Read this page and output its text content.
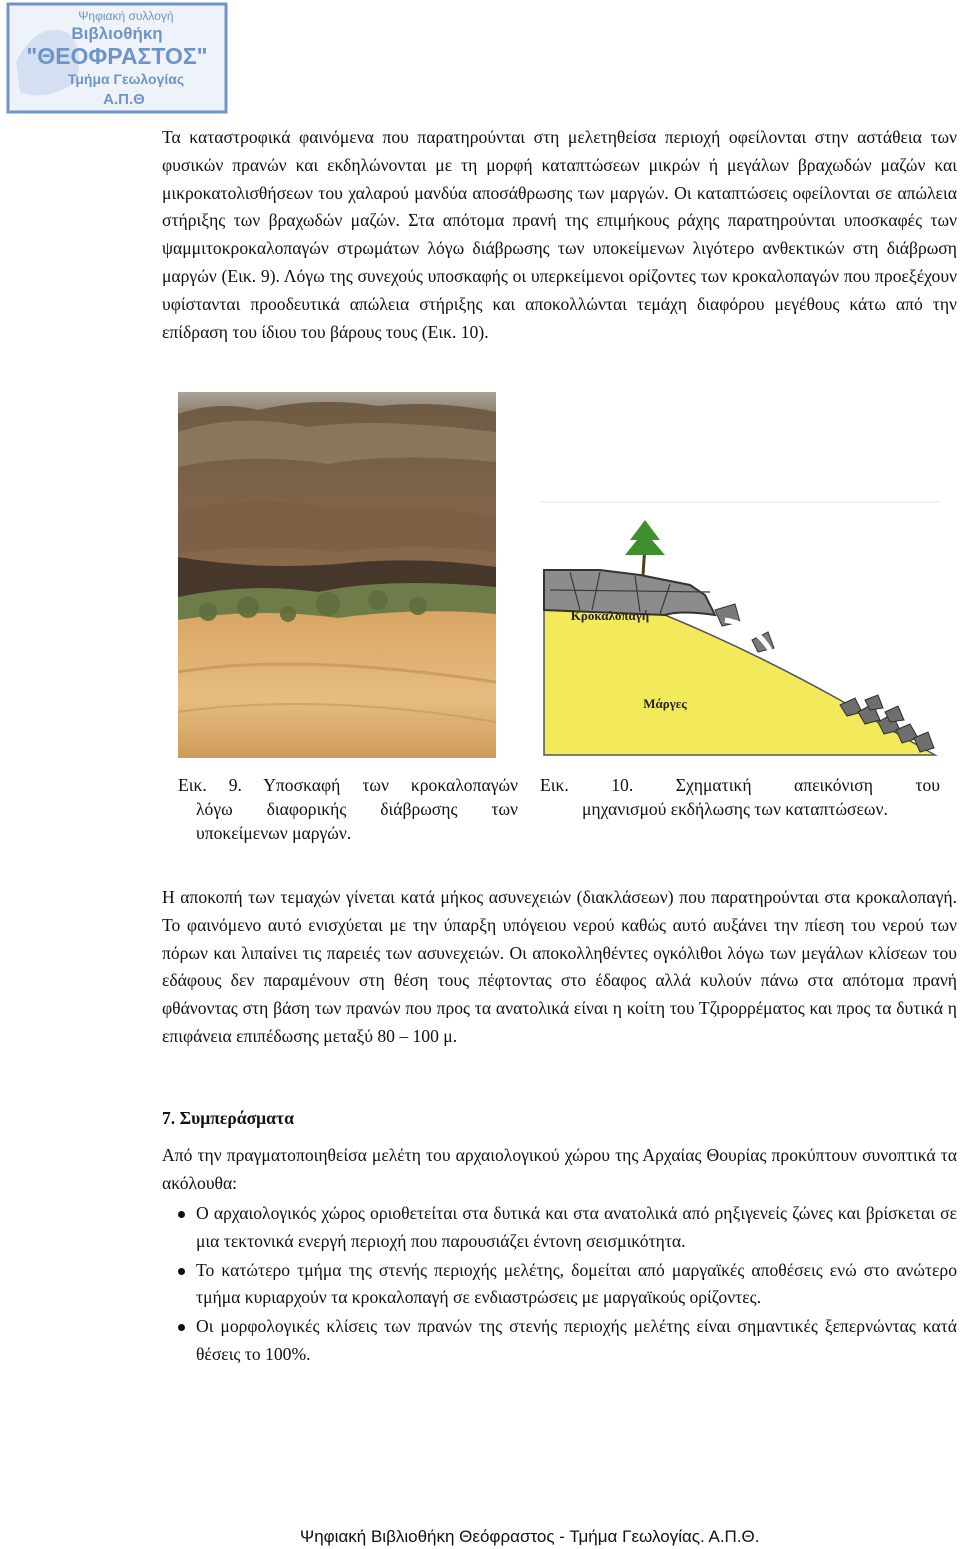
Ψηφιακή συλλογή
Βιβλιοθήκη
"ΘΕΟΦΡΑΣΤΟΣ"
Τμήμα Γεωλογίας
Α.Π.Θ

Τα καταστροφικά φαινόμενα που παρατηρούνται στη μελετηθείσα περιοχή οφείλονται στην αστάθεια των φυσικών πρανών και εκδηλώνονται με τη μορφή καταπτώσεων μικρών ή μεγάλων βραχωδών μαζών και μικροκατολισθήσεων του χαλαρού μανδύα αποσάθρωσης των μαργών. Οι καταπτώσεις οφείλονται σε απώλεια στήριξης των βραχωδών μαζών. Στα απότομα πρανή της επιμήκους ράχης παρατηρούνται υποσκαφές των ψαμμιτοκροκαλοπαγών στρωμάτων λόγω διάβρωσης των υποκείμενων λιγότερο ανθεκτικών στη διάβρωση μαργών (Εικ. 9). Λόγω της συνεχούς υποσκαφής οι υπερκείμενοι ορίζοντες των κροκαλοπαγών που προεξέχουν υφίστανται προοδευτικά απώλεια στήριξης και αποκολλώνται τεμάχη διαφόρου μεγέθους κάτω από την επίδραση του ίδιου του βάρους τους (Εικ. 10).

Κροκαλοπαγή
Μάργες
Εικ. 9. Υποσκαφή των κροκαλοπαγών
λόγω διαφορικής διάβρωσης των υποκείμενων μαργών.
Εικ. 10. Σχηματική απεικόνιση του
μηχανισμού εκδήλωσης των καταπτώσεων.

Η αποκοπή των τεμαχών γίνεται κατά μήκος ασυνεχειών (διακλάσεων) που παρατηρούνται στα κροκαλοπαγή. Το φαινόμενο αυτό ενισχύεται με την ύπαρξη υπόγειου νερού καθώς αυτό αυξάνει την πίεση του νερού των πόρων και λιπαίνει τις παρειές των ασυνεχειών. Οι αποκολληθέντες ογκόλιθοι λόγω των μεγάλων κλίσεων του εδάφους δεν παραμένουν στη θέση τους πέφτοντας στο έδαφος αλλά κυλούν πάνω στα απότομα πρανή φθάνοντας στη βάση των πρανών που προς τα ανατολικά είναι η κοίτη του Τζιρορρέματος και προς τα δυτικά η επιφάνεια επιπέδωσης μεταξύ 80 – 100 μ.

7. Συμπεράσματα

Από την πραγματοποιηθείσα μελέτη του αρχαιολογικού χώρου της Αρχαίας Θουρίας προκύπτουν συνοπτικά τα ακόλουθα:

Ο αρχαιολογικός χώρος οριοθετείται στα δυτικά και στα ανατολικά από ρηξιγενείς ζώνες και βρίσκεται σε μια τεκτονικά ενεργή περιοχή που παρουσιάζει έντονη σεισμικότητα.
Το κατώτερο τμήμα της στενής περιοχής μελέτης, δομείται από μαργαϊκές αποθέσεις ενώ στο ανώτερο τμήμα κυριαρχούν τα κροκαλοπαγή σε ενδιαστρώσεις με μαργαϊκούς ορίζοντες.
Οι μορφολογικές κλίσεις των πρανών της στενής περιοχής μελέτης είναι σημαντικές ξεπερνώντας κατά θέσεις το 100%.

Ψηφιακή Βιβλιοθήκη Θεόφραστος - Τμήμα Γεωλογίας. Α.Π.Θ.
